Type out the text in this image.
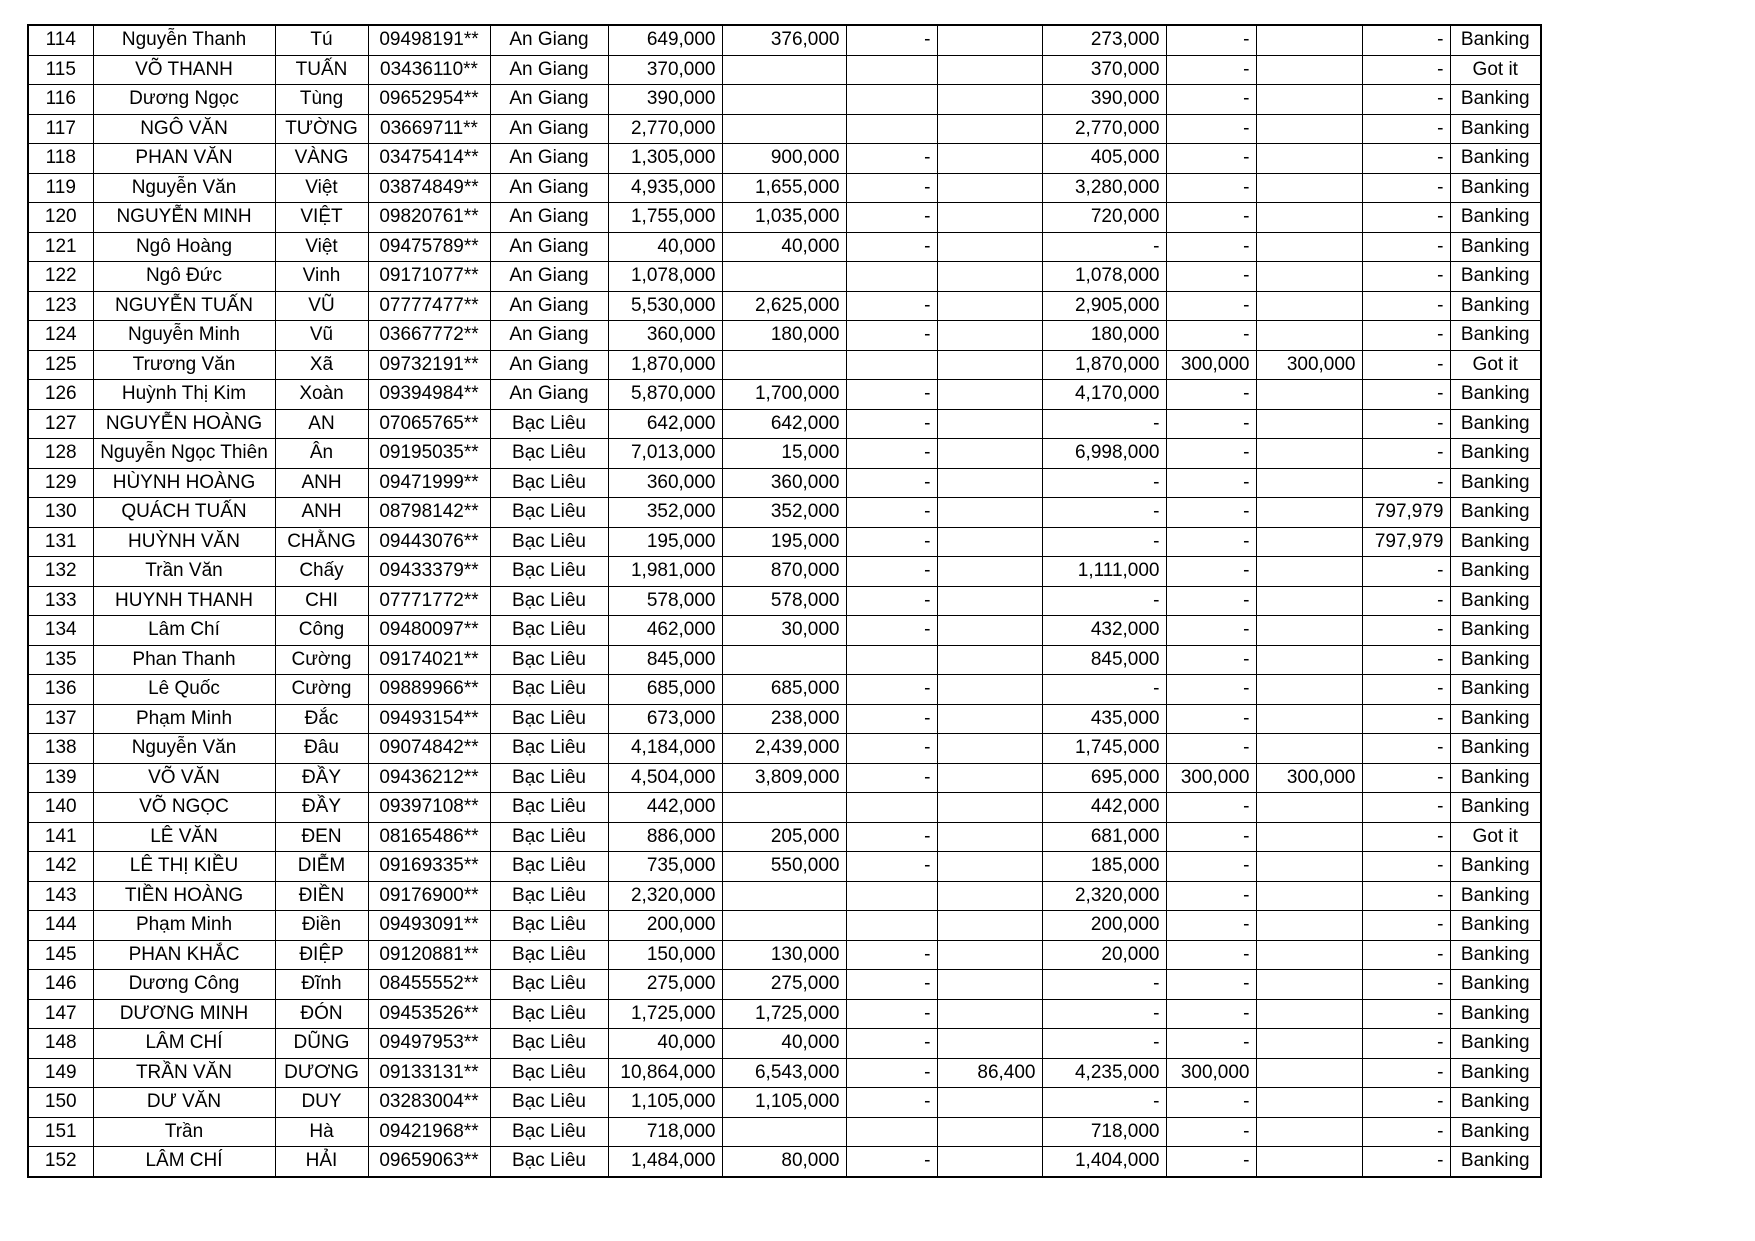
114	Nguyễn Thanh	Tú	09498191**	An Giang	649,000	376,000	-		273,000	-		-	Banking
115	VÕ THANH	TUẤN	03436110**	An Giang	370,000				370,000	-		-	Got it
116	Dương Ngọc	Tùng	09652954**	An Giang	390,000				390,000	-		-	Banking
117	NGÔ VĂN	TƯỜNG	03669711**	An Giang	2,770,000				2,770,000	-		-	Banking
118	PHAN VĂN	VÀNG	03475414**	An Giang	1,305,000	900,000	-		405,000	-		-	Banking
119	Nguyễn Văn	Việt	03874849**	An Giang	4,935,000	1,655,000	-		3,280,000	-		-	Banking
120	NGUYỄN MINH	VIỆT	09820761**	An Giang	1,755,000	1,035,000	-		720,000	-		-	Banking
121	Ngô Hoàng	Việt	09475789**	An Giang	40,000	40,000	-		-	-		-	Banking
122	Ngô Đức	Vinh	09171077**	An Giang	1,078,000				1,078,000	-		-	Banking
123	NGUYỄN TUẤN	VŨ	07777477**	An Giang	5,530,000	2,625,000	-		2,905,000	-		-	Banking
124	Nguyễn Minh	Vũ	03667772**	An Giang	360,000	180,000	-		180,000	-		-	Banking
125	Trương Văn	Xã	09732191**	An Giang	1,870,000				1,870,000	300,000	300,000	-	Got it
126	Huỳnh Thị Kim	Xoàn	09394984**	An Giang	5,870,000	1,700,000	-		4,170,000	-		-	Banking
127	NGUYỄN HOÀNG	AN	07065765**	Bạc Liêu	642,000	642,000	-		-	-		-	Banking
128	Nguyễn Ngọc Thiên	Ân	09195035**	Bạc Liêu	7,013,000	15,000	-		6,998,000	-		-	Banking
129	HÙYNH HOÀNG	ANH	09471999**	Bạc Liêu	360,000	360,000	-		-	-		-	Banking
130	QUÁCH TUẤN	ANH	08798142**	Bạc Liêu	352,000	352,000	-		-	-		797,979	Banking
131	HUỲNH VĂN	CHẰNG	09443076**	Bạc Liêu	195,000	195,000	-		-	-		797,979	Banking
132	Trần Văn	Chấy	09433379**	Bạc Liêu	1,981,000	870,000	-		1,111,000	-		-	Banking
133	HUYNH THANH	CHI	07771772**	Bạc Liêu	578,000	578,000	-		-	-		-	Banking
134	Lâm Chí	Công	09480097**	Bạc Liêu	462,000	30,000	-		432,000	-		-	Banking
135	Phan Thanh	Cường	09174021**	Bạc Liêu	845,000				845,000	-		-	Banking
136	Lê Quốc	Cường	09889966**	Bạc Liêu	685,000	685,000	-		-	-		-	Banking
137	Phạm Minh	Đắc	09493154**	Bạc Liêu	673,000	238,000	-		435,000	-		-	Banking
138	Nguyễn Văn	Đâu	09074842**	Bạc Liêu	4,184,000	2,439,000	-		1,745,000	-		-	Banking
139	VÕ VĂN	ĐẦY	09436212**	Bạc Liêu	4,504,000	3,809,000	-		695,000	300,000	300,000	-	Banking
140	VÕ NGỌC	ĐẦY	09397108**	Bạc Liêu	442,000				442,000	-		-	Banking
141	LÊ VĂN	ĐEN	08165486**	Bạc Liêu	886,000	205,000	-		681,000	-		-	Got it
142	LÊ THỊ KIỀU	DIỄM	09169335**	Bạc Liêu	735,000	550,000	-		185,000	-		-	Banking
143	TIỀN HOÀNG	ĐIỀN	09176900**	Bạc Liêu	2,320,000				2,320,000	-		-	Banking
144	Phạm Minh	Điền	09493091**	Bạc Liêu	200,000				200,000	-		-	Banking
145	PHAN KHẮC	ĐIỆP	09120881**	Bạc Liêu	150,000	130,000	-		20,000	-		-	Banking
146	Dương Công	Đĩnh	08455552**	Bạc Liêu	275,000	275,000	-		-	-		-	Banking
147	DƯƠNG MINH	ĐÓN	09453526**	Bạc Liêu	1,725,000	1,725,000	-		-	-		-	Banking
148	LÂM CHÍ	DŨNG	09497953**	Bạc Liêu	40,000	40,000	-		-	-		-	Banking
149	TRẦN VĂN	DƯƠNG	09133131**	Bạc Liêu	10,864,000	6,543,000	-	86,400	4,235,000	300,000		-	Banking
150	DƯ VĂN	DUY	03283004**	Bạc Liêu	1,105,000	1,105,000	-		-	-		-	Banking
151	Trần	Hà	09421968**	Bạc Liêu	718,000				718,000	-		-	Banking
152	LÂM CHÍ	HẢI	09659063**	Bạc Liêu	1,484,000	80,000	-		1,404,000	-		-	Banking
